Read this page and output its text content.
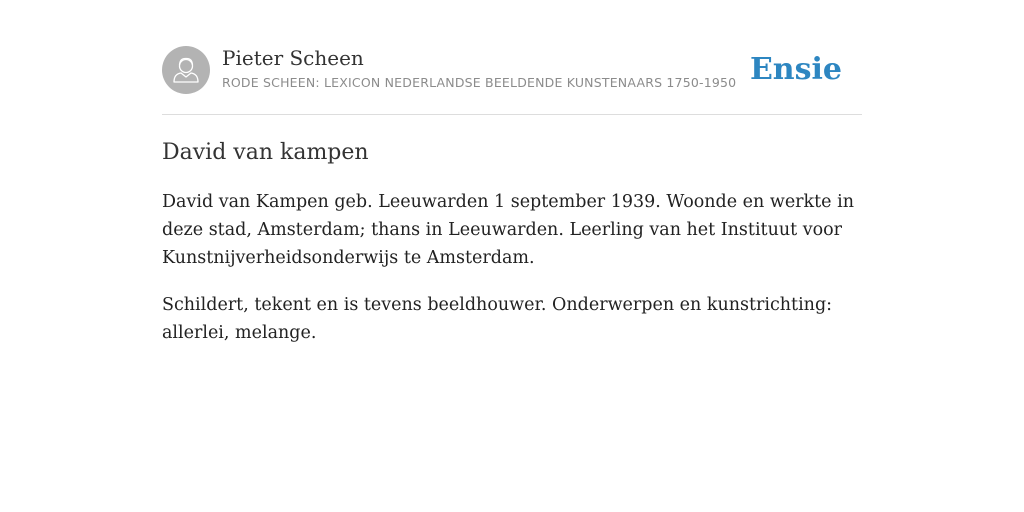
Pieter Scheen
RODE SCHEEN: LEXICON NEDERLANDSE BEELDENDE KUNSTENAARS 1750-1950 Ensie
David van kampen

David van Kampen geb. Leeuwarden 1 september 1939. Woonde en werkte in deze stad, Amsterdam; thans in Leeuwarden. Leerling van het Instituut voor Kunstnijverheidsonderwijs te Amsterdam.

Schildert, tekent en is tevens beeldhouwer. Onderwerpen en kunstrichting: allerlei, melange.
